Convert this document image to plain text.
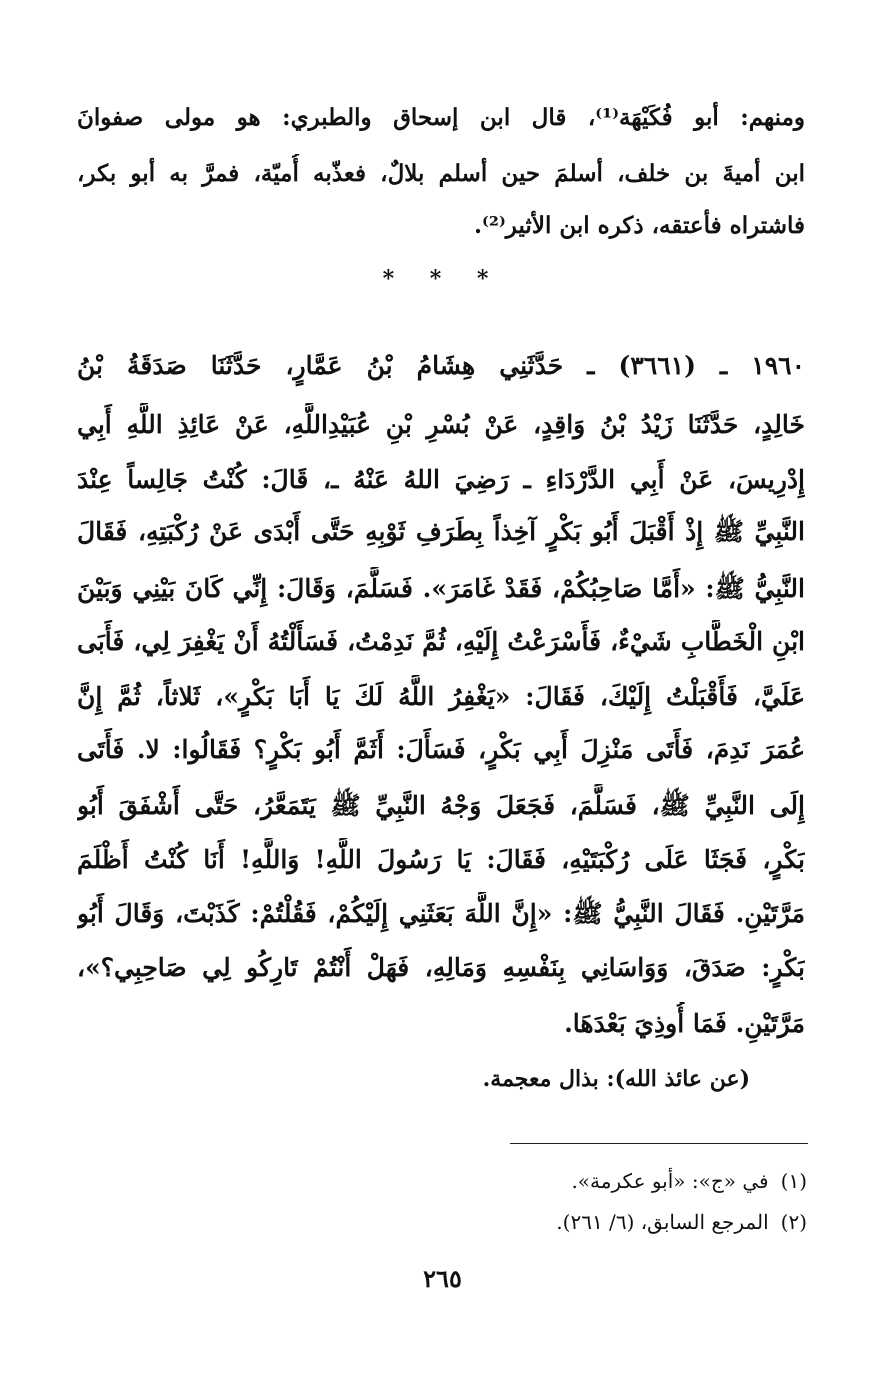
ومنهم: أبو فُكَيْهَة⁽¹⁾، قال ابن إسحاق والطبري: هو مولى صفوانَ
ابن أميةَ بن خلف، أسلمَ حين أسلم بلالٌ، فعذّبه أُميّة، فمرَّ به أبو بكر،
فاشتراه فأعتقه، ذكره ابن الأثير⁽²⁾.
* * *
١٩٦٠ ـ (٣٦٦١) ـ حَدَّثَنِي هِشَامُ بْنُ عَمَّارٍ، حَدَّثَنَا صَدَقَةُ بْنُ
خَالِدٍ، حَدَّثَنَا زَيْدُ بْنُ وَاقِدٍ، عَنْ بُسْرِ بْنِ عُبَيْدِاللَّهِ، عَنْ عَائِذِ اللَّهِ أَبِي
إِدْرِيسَ، عَنْ أَبِي الدَّرْدَاءِ ـ رَضِيَ اللهُ عَنْهُ ـ، قَالَ: كُنْتُ جَالِساً عِنْدَ
النَّبِيِّ ﷺ إِذْ أَقْبَلَ أَبُو بَكْرٍ آخِذاً بِطَرَفِ ثَوْبِهِ حَتَّى أَبْدَى عَنْ رُكْبَتِهِ، فَقَالَ
النَّبِيُّ ﷺ: «أَمَّا صَاحِبُكُمْ، فَقَدْ غَامَرَ». فَسَلَّمَ، وَقَالَ: إِنِّي كَانَ بَيْنِي وَبَيْنَ
ابْنِ الْخَطَّابِ شَيْءٌ، فَأَسْرَعْتُ إِلَيْهِ، ثُمَّ نَدِمْتُ، فَسَأَلْتُهُ أَنْ يَغْفِرَ لِي، فَأَبَى
عَلَيَّ، فَأَقْبَلْتُ إِلَيْكَ، فَقَالَ: «يَغْفِرُ اللَّهُ لَكَ يَا أَبَا بَكْرٍ»، ثَلاثاً، ثُمَّ إِنَّ
عُمَرَ نَدِمَ، فَأَتَى مَنْزِلَ أَبِي بَكْرٍ، فَسَأَلَ: أَثَمَّ أَبُو بَكْرٍ؟ فَقَالُوا: لا. فَأَتَى
إِلَى النَّبِيِّ ﷺ، فَسَلَّمَ، فَجَعَلَ وَجْهُ النَّبِيِّ ﷺ يَتَمَعَّرُ، حَتَّى أَشْفَقَ أَبُو
بَكْرٍ، فَجَثَا عَلَى رُكْبَتَيْهِ، فَقَالَ: يَا رَسُولَ اللَّهِ! وَاللَّهِ! أَنَا كُنْتُ أَظْلَمَ
مَرَّتَيْنِ. فَقَالَ النَّبِيُّ ﷺ: «إِنَّ اللَّهَ بَعَثَنِي إِلَيْكُمْ، فَقُلْتُمْ: كَذَبْتَ، وَقَالَ أَبُو
بَكْرٍ: صَدَقَ، وَوَاسَانِي بِنَفْسِهِ وَمَالِهِ، فَهَلْ أَنْتُمْ تَارِكُو لِي صَاحِبِي؟»،
مَرَّتَيْنِ. فَمَا أُوذِيَ بَعْدَهَا.
(عن عائذ الله): بذال معجمة.
(١)في «ج»: «أبو عكرمة».
(٢)المرجع السابق، (٦/ ٢٦١).
٢٦٥
